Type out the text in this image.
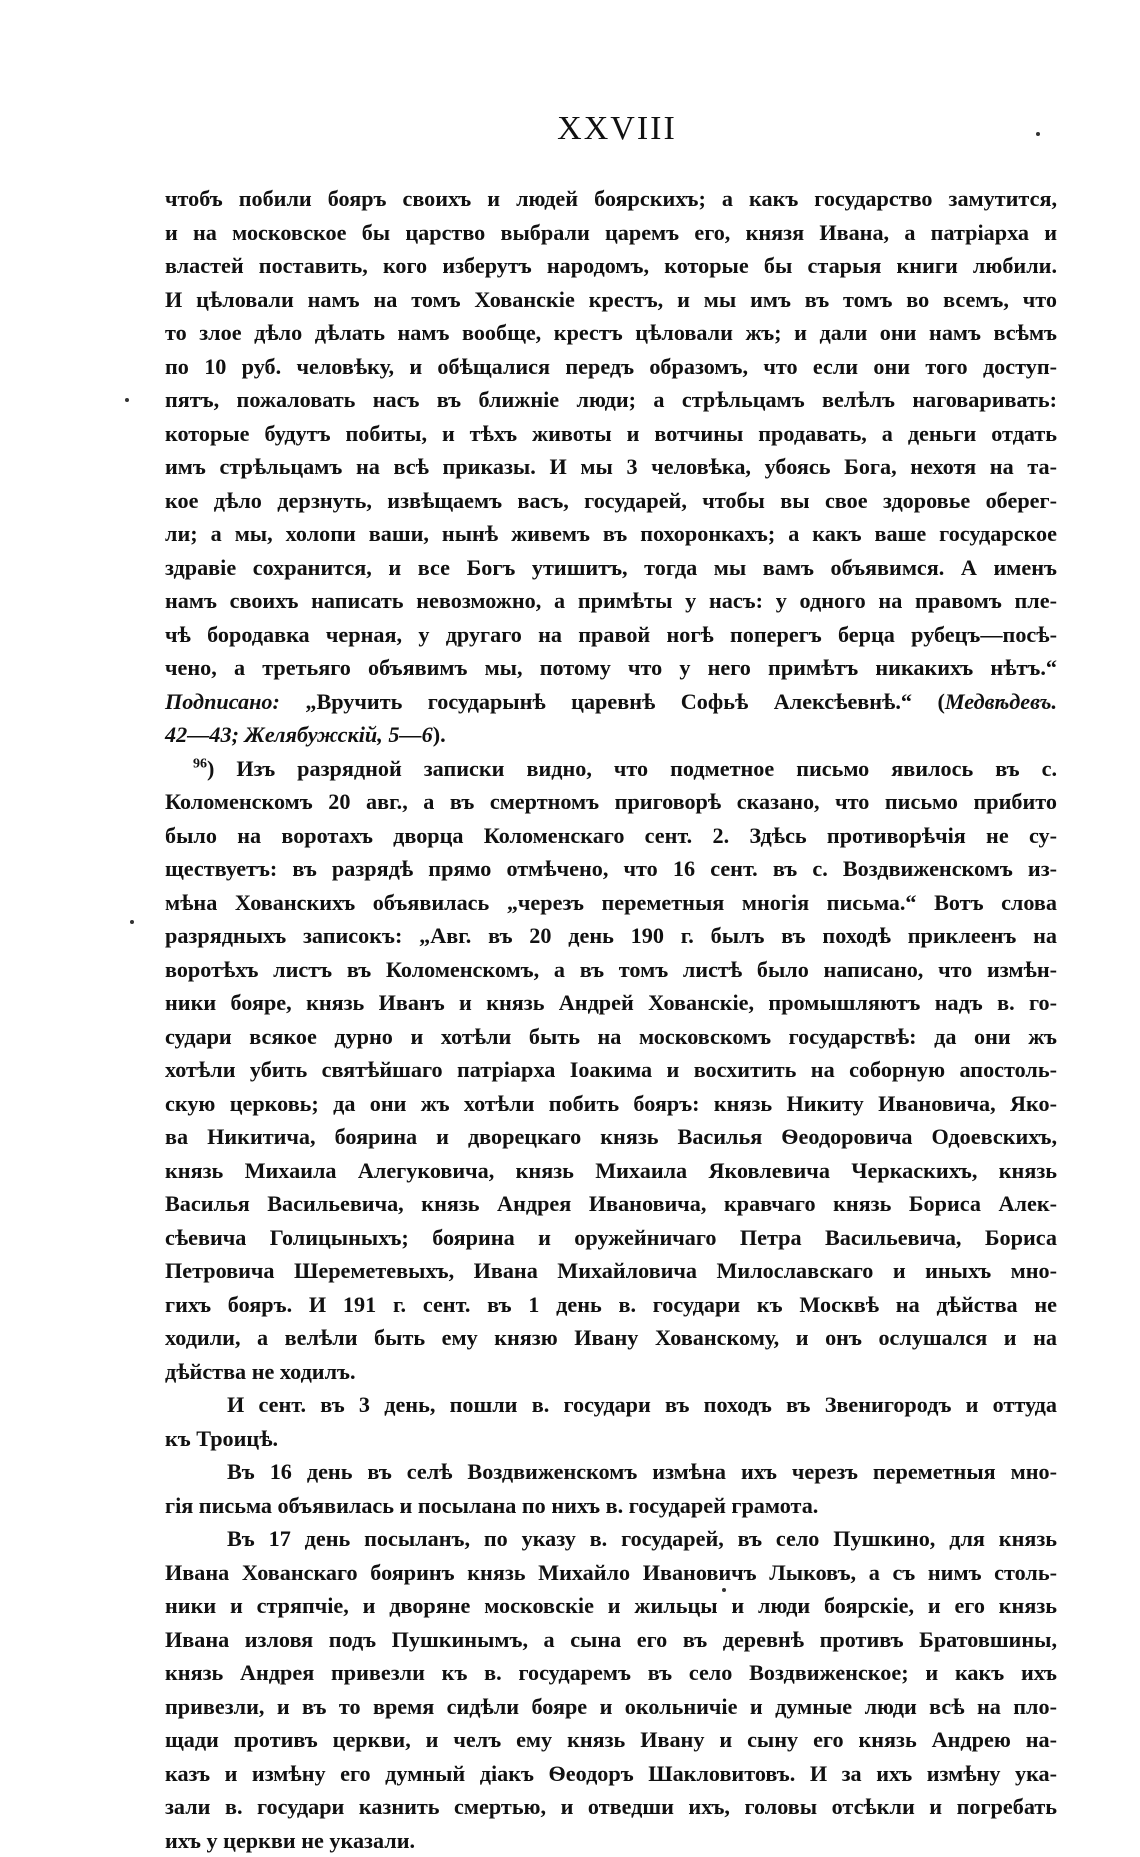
XXVIII
чтобъ побили бояръ своихъ и людей боярскихъ; а какъ государство замутится,
и на московское бы царство выбрали царемъ его, князя Ивана, а патріарха и
властей поставить, кого изберутъ народомъ, которые бы старыя книги любили.
И цѣловали намъ на томъ Хованскіе крестъ, и мы имъ въ томъ во всемъ, что
то злое дѣло дѣлать намъ вообще, крестъ цѣловали жъ; и дали они намъ всѣмъ
по 10 руб. человѣку, и обѣщалися передъ образомъ, что если они того доступ-
пятъ, пожаловать насъ въ ближніе люди; а стрѣльцамъ велѣлъ наговаривать:
которые будутъ побиты, и тѣхъ животы и вотчины продавать, а деньги отдать
имъ стрѣльцамъ на всѣ приказы. И мы 3 человѣка, убоясь Бога, нехотя на та-
кое дѣло дерзнуть, извѣщаемъ васъ, государей, чтобы вы свое здоровье оберег-
ли; а мы, холопи ваши, нынѣ живемъ въ похоронкахъ; а какъ ваше государское
здравіе сохранится, и все Богъ утишитъ, тогда мы вамъ объявимся. А именъ
намъ своихъ написать невозможно, а примѣты у насъ: у одного на правомъ пле-
чѣ бородавка черная, у другаго на правой ногѣ поперегъ берца рубецъ—посѣ-
чено, а третьяго объявимъ мы, потому что у него примѣтъ никакихъ нѣтъ.“
Подписано: „Вручить государынѣ царевнѣ Софьѣ Алексѣевнѣ.“ (Медвѣдевъ.
42—43; Желябужскій, 5—6).
$^{96}$) Изъ разрядной записки видно, что подметное письмо явилось въ с.
Коломенскомъ 20 авг., а въ смертномъ приговорѣ сказано, что письмо прибито
было на воротахъ дворца Коломенскаго сент. 2. Здѣсь противорѣчія не су-
ществуетъ: въ разрядѣ прямо отмѣчено, что 16 сент. въ с. Воздвиженскомъ из-
мѣна Хованскихъ объявилась „черезъ переметныя многія письма.“ Вотъ слова
разрядныхъ записокъ: „Авг. въ 20 день 190 г. былъ въ походѣ приклеенъ на
воротѣхъ листъ въ Коломенскомъ, а въ томъ листѣ было написано, что измѣн-
ники бояре, князь Иванъ и князь Андрей Хованскіе, промышляютъ надъ в. го-
судари всякое дурно и хотѣли быть на московскомъ государствѣ: да они жъ
хотѣли убить святѣйшаго патріарха Іоакима и восхитить на соборную апостоль-
скую церковь; да они жъ хотѣли побить бояръ: князь Никиту Ивановича, Яко-
ва Никитича, боярина и дворецкаго князь Василья Ѳеодоровича Одоевскихъ,
князь Михаила Алегуковича, князь Михаила Яковлевича Черкаскихъ, князь
Василья Васильевича, князь Андрея Ивановича, кравчаго князь Бориса Алек-
сѣевича Голицыныхъ; боярина и оружейничаго Петра Васильевича, Бориса
Петровича Шереметевыхъ, Ивана Михайловича Милославскаго и иныхъ мно-
гихъ бояръ. И 191 г. сент. въ 1 день в. государи къ Москвѣ на дѣйства не
ходили, а велѣли быть ему князю Ивану Хованскому, и онъ ослушался и на
дѣйства не ходилъ.
И сент. въ 3 день, пошли в. государи въ походъ въ Звенигородъ и оттуда
къ Троицѣ.
Въ 16 день въ селѣ Воздвиженскомъ измѣна ихъ черезъ переметныя мно-
гія письма объявилась и посылана по нихъ в. государей грамота.
Въ 17 день посыланъ, по указу в. государей, въ село Пушкино, для князь
Ивана Хованскаго бояринъ князь Михайло Ивановичъ Лыковъ, а съ нимъ столь-
ники и стряпчіе, и дворяне московскіе и жильцы и люди боярскіе, и его князь
Ивана изловя подъ Пушкинымъ, а сына его въ деревнѣ противъ Братовшины,
князь Андрея привезли къ в. государемъ въ село Воздвиженское; и какъ ихъ
привезли, и въ то время сидѣли бояре и окольничіе и думные люди всѣ на пло-
щади противъ церкви, и челъ ему князь Ивану и сыну его князь Андрею на-
казъ и измѣну его думный діакъ Ѳеодоръ Шакловитовъ. И за ихъ измѣну ука-
зали в. государи казнить смертью, и отведши ихъ, головы отсѣкли и погребать
ихъ у церкви не указали.
